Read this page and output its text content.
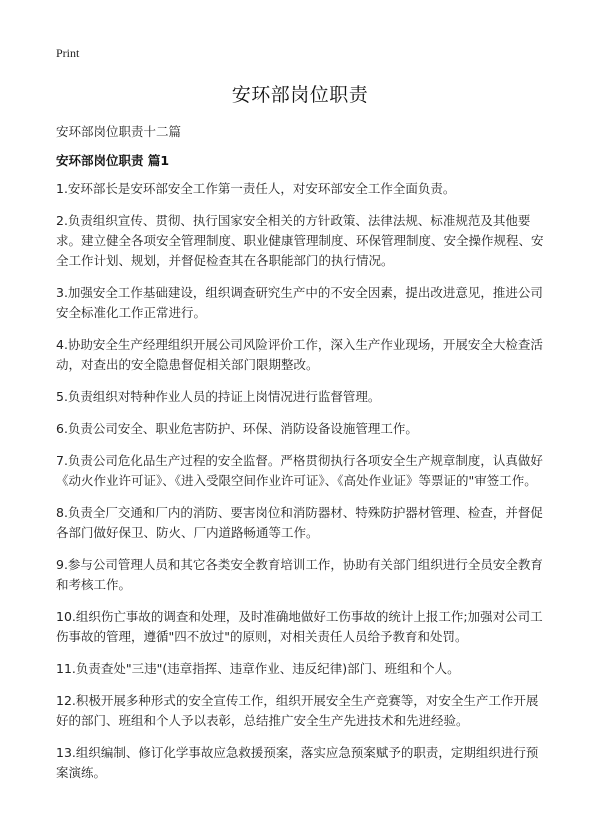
Print
安环部岗位职责
安环部岗位职责十二篇
安环部岗位职责 篇1

1.安环部长是安环部安全工作第一责任人，对安环部安全工作全面负责。

2.负责组织宣传、贯彻、执行国家安全相关的方针政策、法律法规、标准规范及其他要求。建立健全各项安全管理制度、职业健康管理制度、环保管理制度、安全操作规程、安全工作计划、规划，并督促检查其在各职能部门的执行情况。

3.加强安全工作基础建设，组织调查研究生产中的不安全因素，提出改进意见，推进公司安全标准化工作正常进行。

4.协助安全生产经理组织开展公司风险评价工作，深入生产作业现场，开展安全大检查活动，对查出的安全隐患督促相关部门限期整改。

5.负责组织对特种作业人员的持证上岗情况进行监督管理。

6.负责公司安全、职业危害防护、环保、消防设备设施管理工作。

7.负责公司危化品生产过程的安全监督。严格贯彻执行各项安全生产规章制度，认真做好《动火作业许可证》、《进入受限空间作业许可证》、《高处作业证》等票证的"审签工作。

8.负责全厂交通和厂内的消防、要害岗位和消防器材、特殊防护器材管理、检查，并督促各部门做好保卫、防火、厂内道路畅通等工作。

9.参与公司管理人员和其它各类安全教育培训工作，协助有关部门组织进行全员安全教育和考核工作。

10.组织伤亡事故的调查和处理，及时准确地做好工伤事故的统计上报工作;加强对公司工伤事故的管理，遵循"四不放过"的原则，对相关责任人员给予教育和处罚。

11.负责查处"三违"(违章指挥、违章作业、违反纪律)部门、班组和个人。

12.积极开展多种形式的安全宣传工作，组织开展安全生产竞赛等，对安全生产工作开展好的部门、班组和个人予以表彰，总结推广安全生产先进技术和先进经验。

13.组织编制、修订化学事故应急救援预案，落实应急预案赋予的职责，定期组织进行预案演练。
